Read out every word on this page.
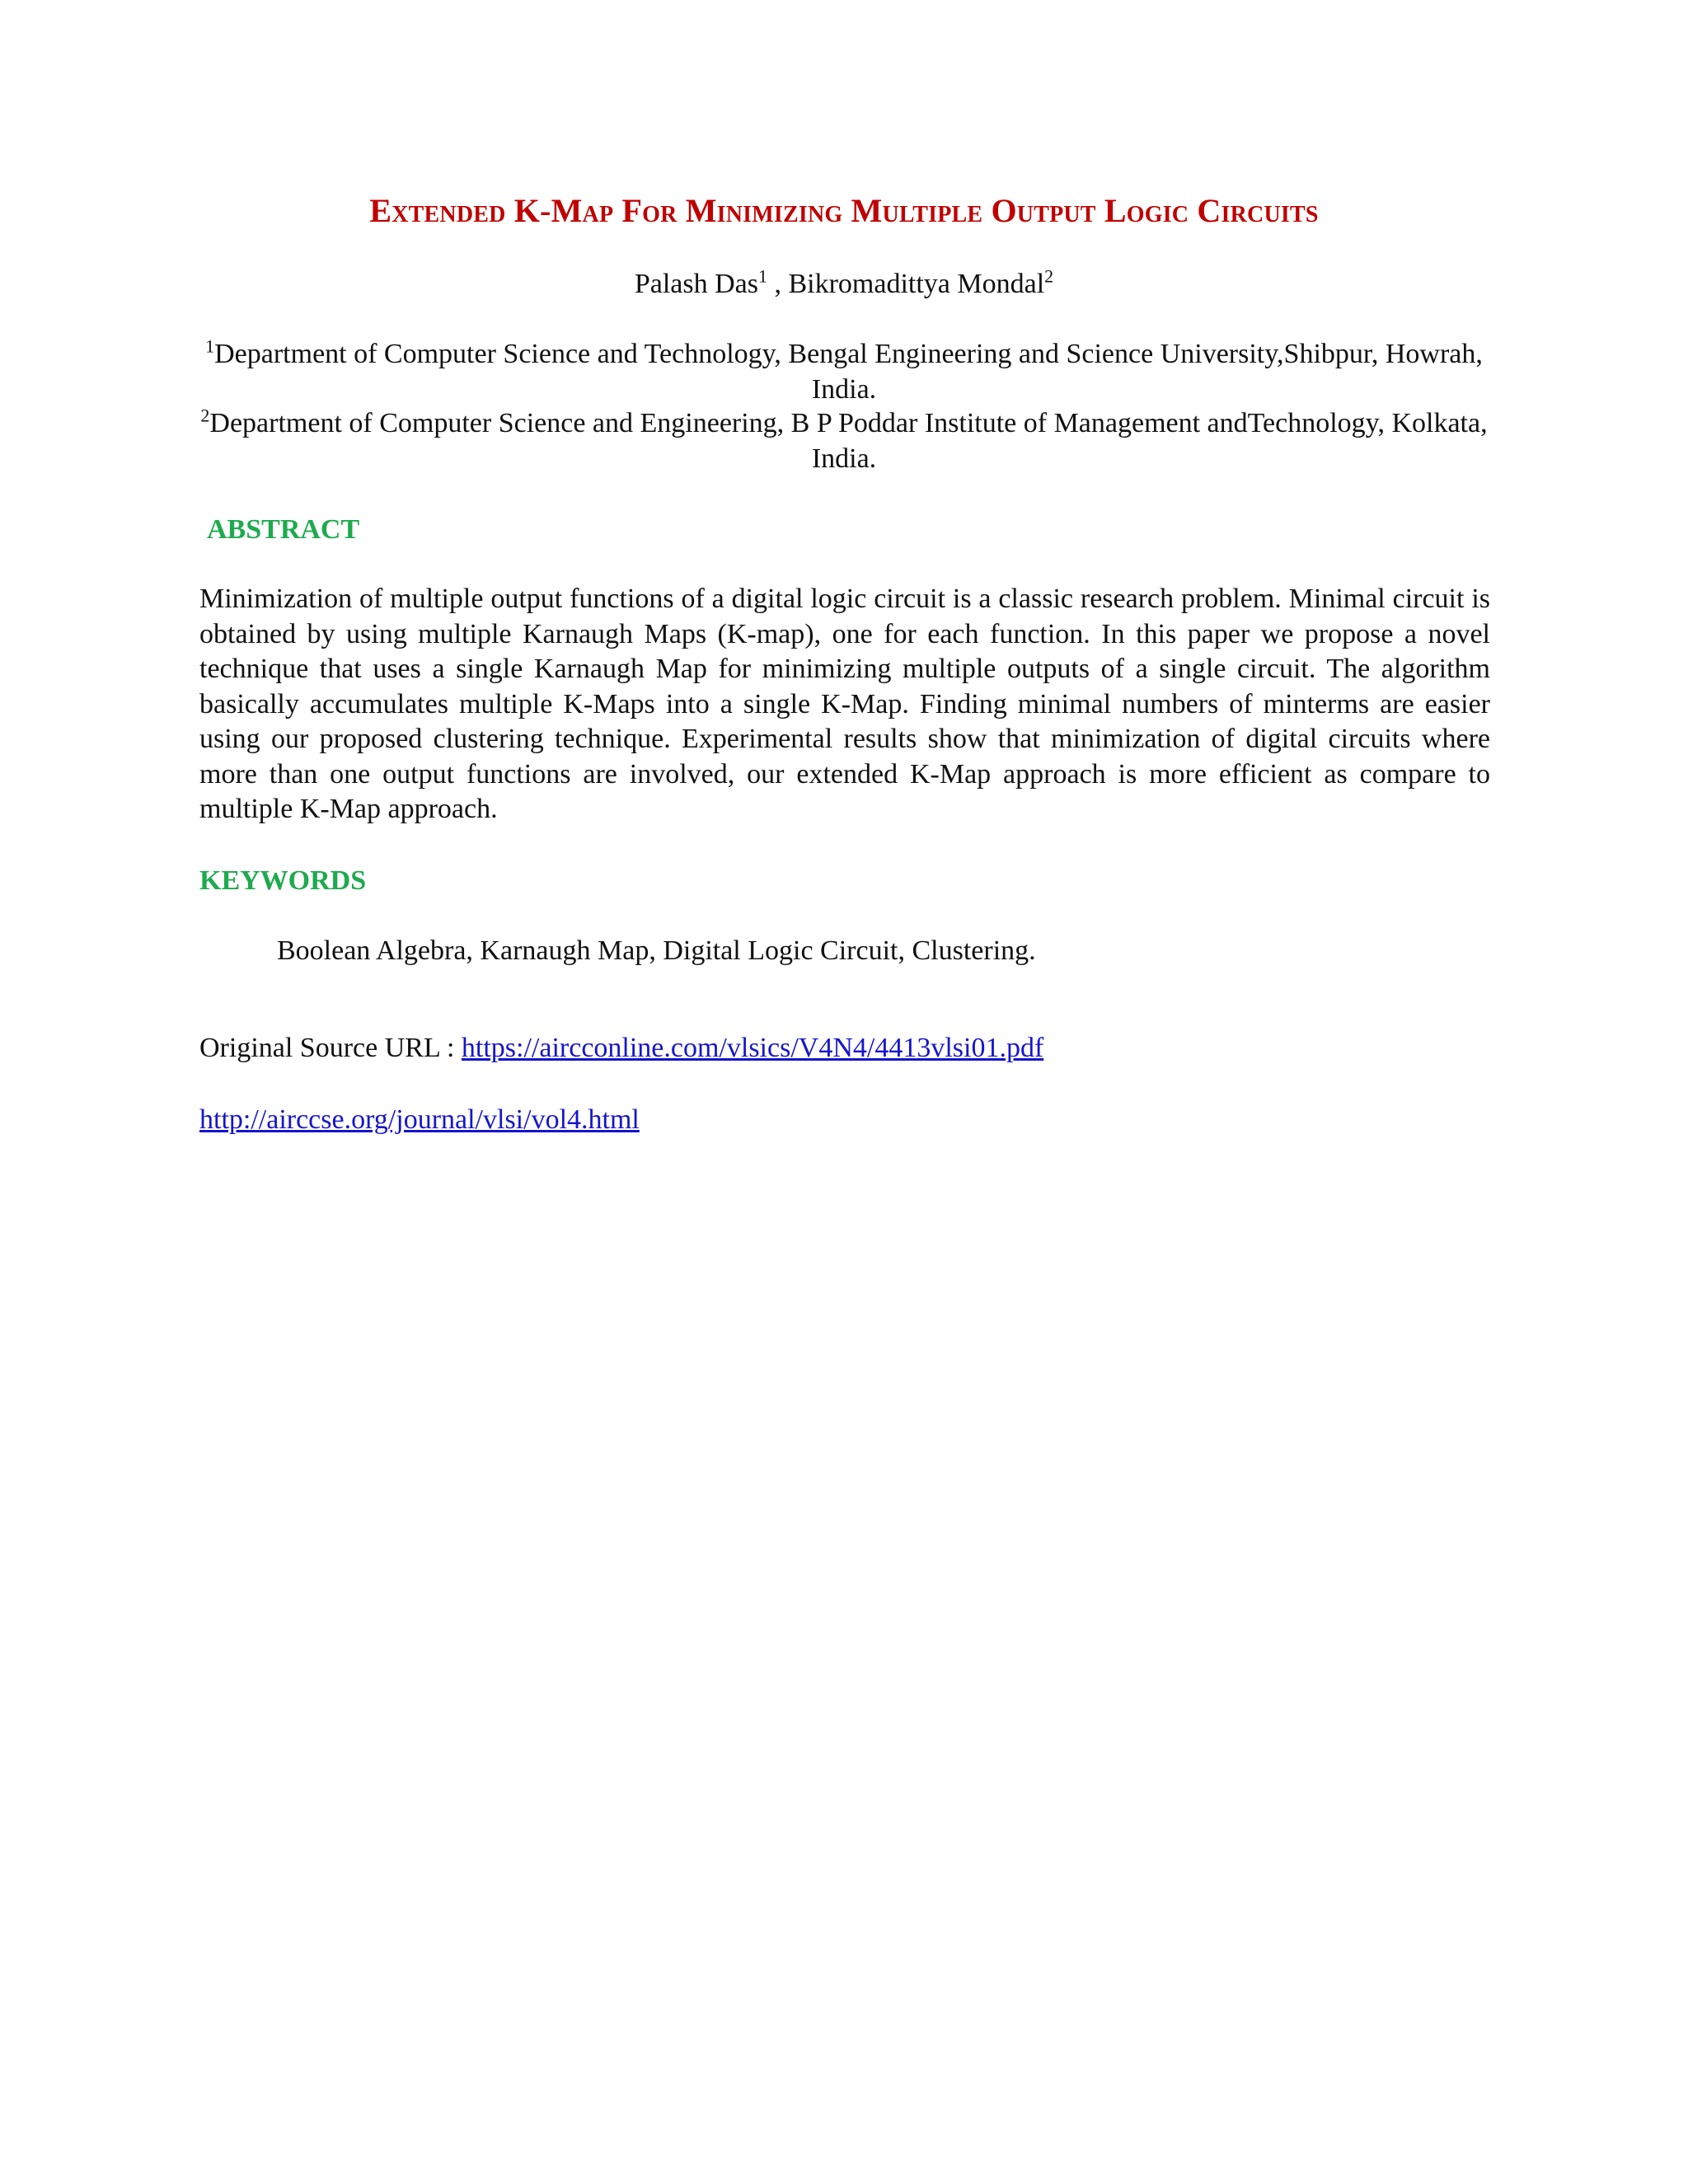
Extended K-Map For Minimizing Multiple Output Logic Circuits
Palash Das$^1$ , Bikromadittya Mondal$^2$
$^1$Department of Computer Science and Technology, Bengal Engineering and Science University,Shibpur, Howrah, India.
$^2$Department of Computer Science and Engineering, B P Poddar Institute of Management andTechnology, Kolkata, India.
ABSTRACT
Minimization of multiple output functions of a digital logic circuit is a classic research problem. Minimal circuit is obtained by using multiple Karnaugh Maps (K-map), one for each function. In this paper we propose a novel technique that uses a single Karnaugh Map for minimizing multiple outputs of a single circuit. The algorithm basically accumulates multiple K-Maps into a single K-Map. Finding minimal numbers of minterms are easier using our proposed clustering technique. Experimental results show that minimization of digital circuits where more than one output functions are involved, our extended K-Map approach is more efficient as compare to multiple K-Map approach.
KEYWORDS
Boolean Algebra, Karnaugh Map, Digital Logic Circuit, Clustering.
Original Source URL : https://aircconline.com/vlsics/V4N4/4413vlsi01.pdf
http://airccse.org/journal/vlsi/vol4.html
